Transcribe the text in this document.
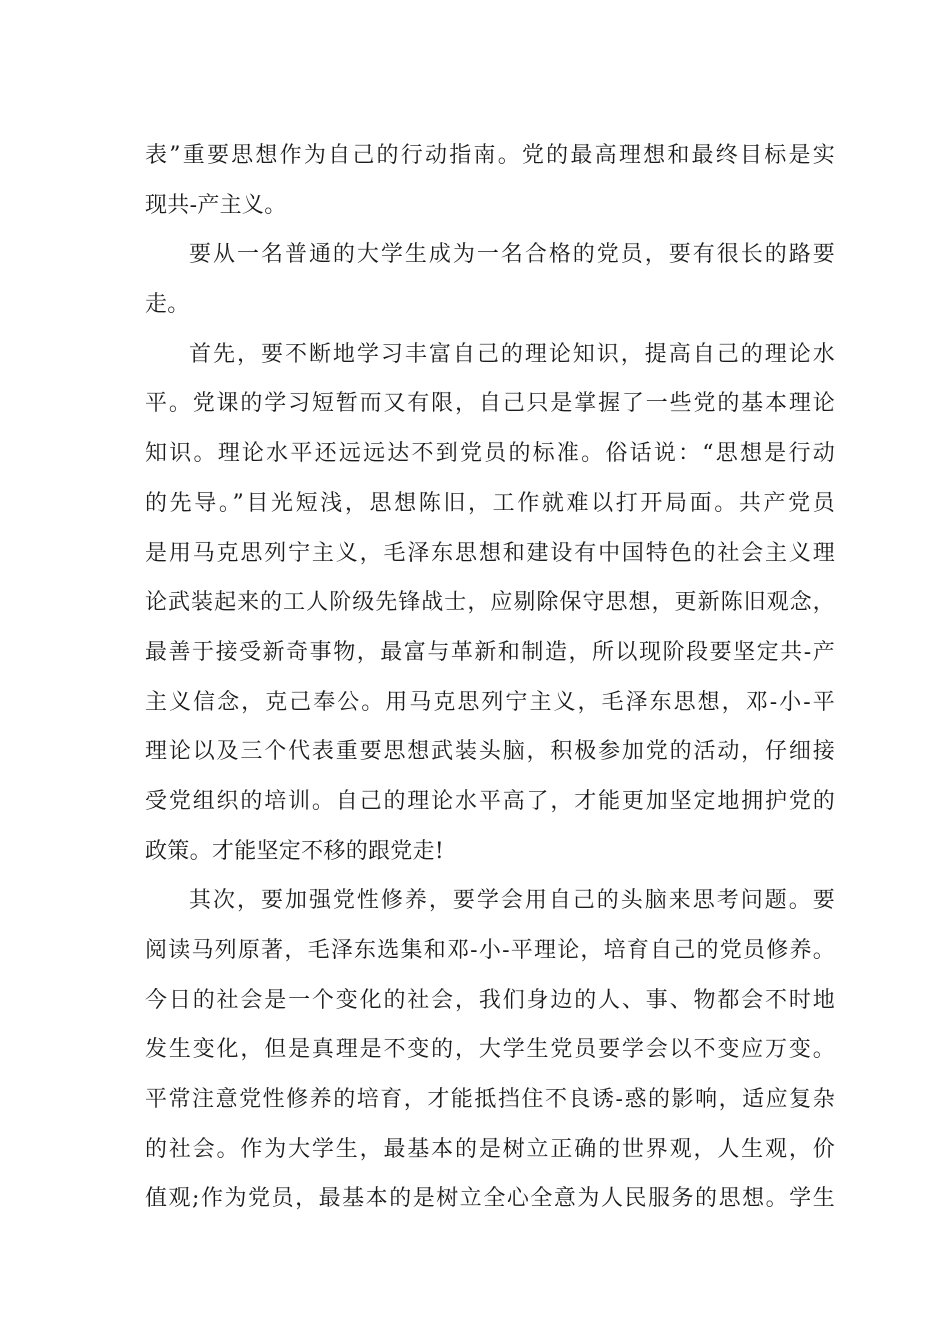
表”重要思想作为自己的行动指南。党的最高理想和最终目标是实
现共-产主义。
要从一名普通的大学生成为一名合格的党员，要有很长的路要
走。
首先，要不断地学习丰富自己的理论知识，提高自己的理论水
平。党课的学习短暂而又有限，自己只是掌握了一些党的基本理论
知识。理论水平还远远达不到党员的标准。俗话说：“思想是行动
的先导。”目光短浅，思想陈旧，工作就难以打开局面。共产党员
是用马克思列宁主义，毛泽东思想和建设有中国特色的社会主义理
论武装起来的工人阶级先锋战士，应剔除保守思想，更新陈旧观念，
最善于接受新奇事物，最富与革新和制造，所以现阶段要坚定共-产
主义信念，克己奉公。用马克思列宁主义，毛泽东思想，邓-小-平
理论以及三个代表重要思想武装头脑，积极参加党的活动，仔细接
受党组织的培训。自己的理论水平高了，才能更加坚定地拥护党的
政策。才能坚定不移的跟党走!
其次，要加强党性修养，要学会用自己的头脑来思考问题。要
阅读马列原著，毛泽东选集和邓-小-平理论，培育自己的党员修养。
今日的社会是一个变化的社会，我们身边的人、事、物都会不时地
发生变化，但是真理是不变的，大学生党员要学会以不变应万变。
平常注意党性修养的培育，才能抵挡住不良诱-惑的影响，适应复杂
的社会。作为大学生，最基本的是树立正确的世界观，人生观，价
值观;作为党员，最基本的是树立全心全意为人民服务的思想。学生
